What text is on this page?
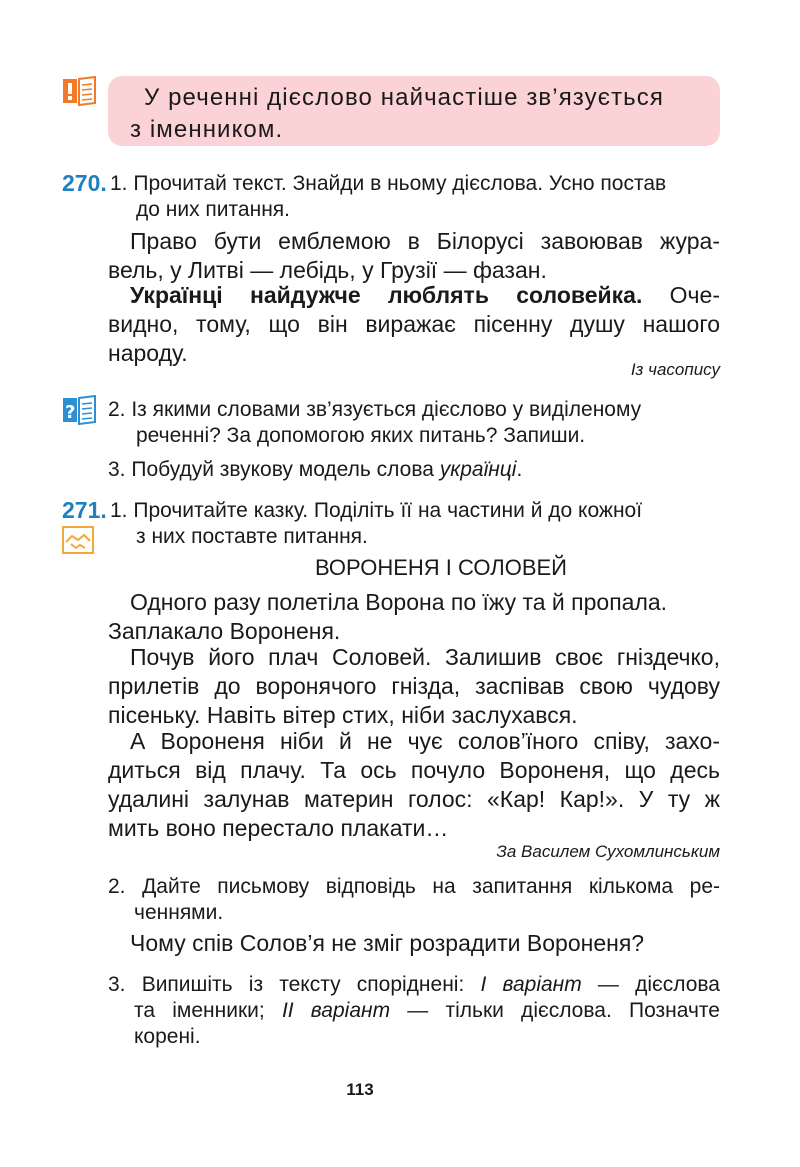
У реченні дієслово найчастіше зв’язується
з іменником.
270. 1. Прочитай текст. Знайди в ньому дієслова. Усно постав
до них питання.
Право бути емблемою в Білорусі завоював жура-
вель, у Литві — лебідь, у Грузії — фазан.
Українці найдужче люблять соловейка. Оче-
видно, тому, що він виражає пісенну душу нашого
народу.
Із часопису
? 2. Із якими словами зв’язується дієслово у виділеному
реченні? За допомогою яких питань? Запиши.
3. Побудуй звукову модель слова українці.
271. 1. Прочитайте казку. Поділіть її на частини й до кожної
з них поставте питання.
ВОРОНЕНЯ І СОЛОВЕЙ
Одного разу полетіла Ворона по їжу та й пропала.
Заплакало Вороненя.
Почув його плач Соловей. Залишив своє гніздечко,
прилетів до воронячого гнізда, заспівав свою чудову
пісеньку. Навіть вітер стих, ніби заслухався.
А Вороненя ніби й не чує солов’їного співу, захо-
диться від плачу. Та ось почуло Вороненя, що десь
удалині залунав материн голос: «Кар! Кар!». У ту ж
мить воно перестало плакати…
За Василем Сухомлинським
2. Дайте письмову відповідь на запитання кількома ре-
ченнями.
Чому спів Солов’я не зміг розрадити Вороненя?
3. Випишіть із тексту споріднені: І варіант — дієслова
та іменники; ІІ варіант — тільки дієслова. Позначте
корені.
113
